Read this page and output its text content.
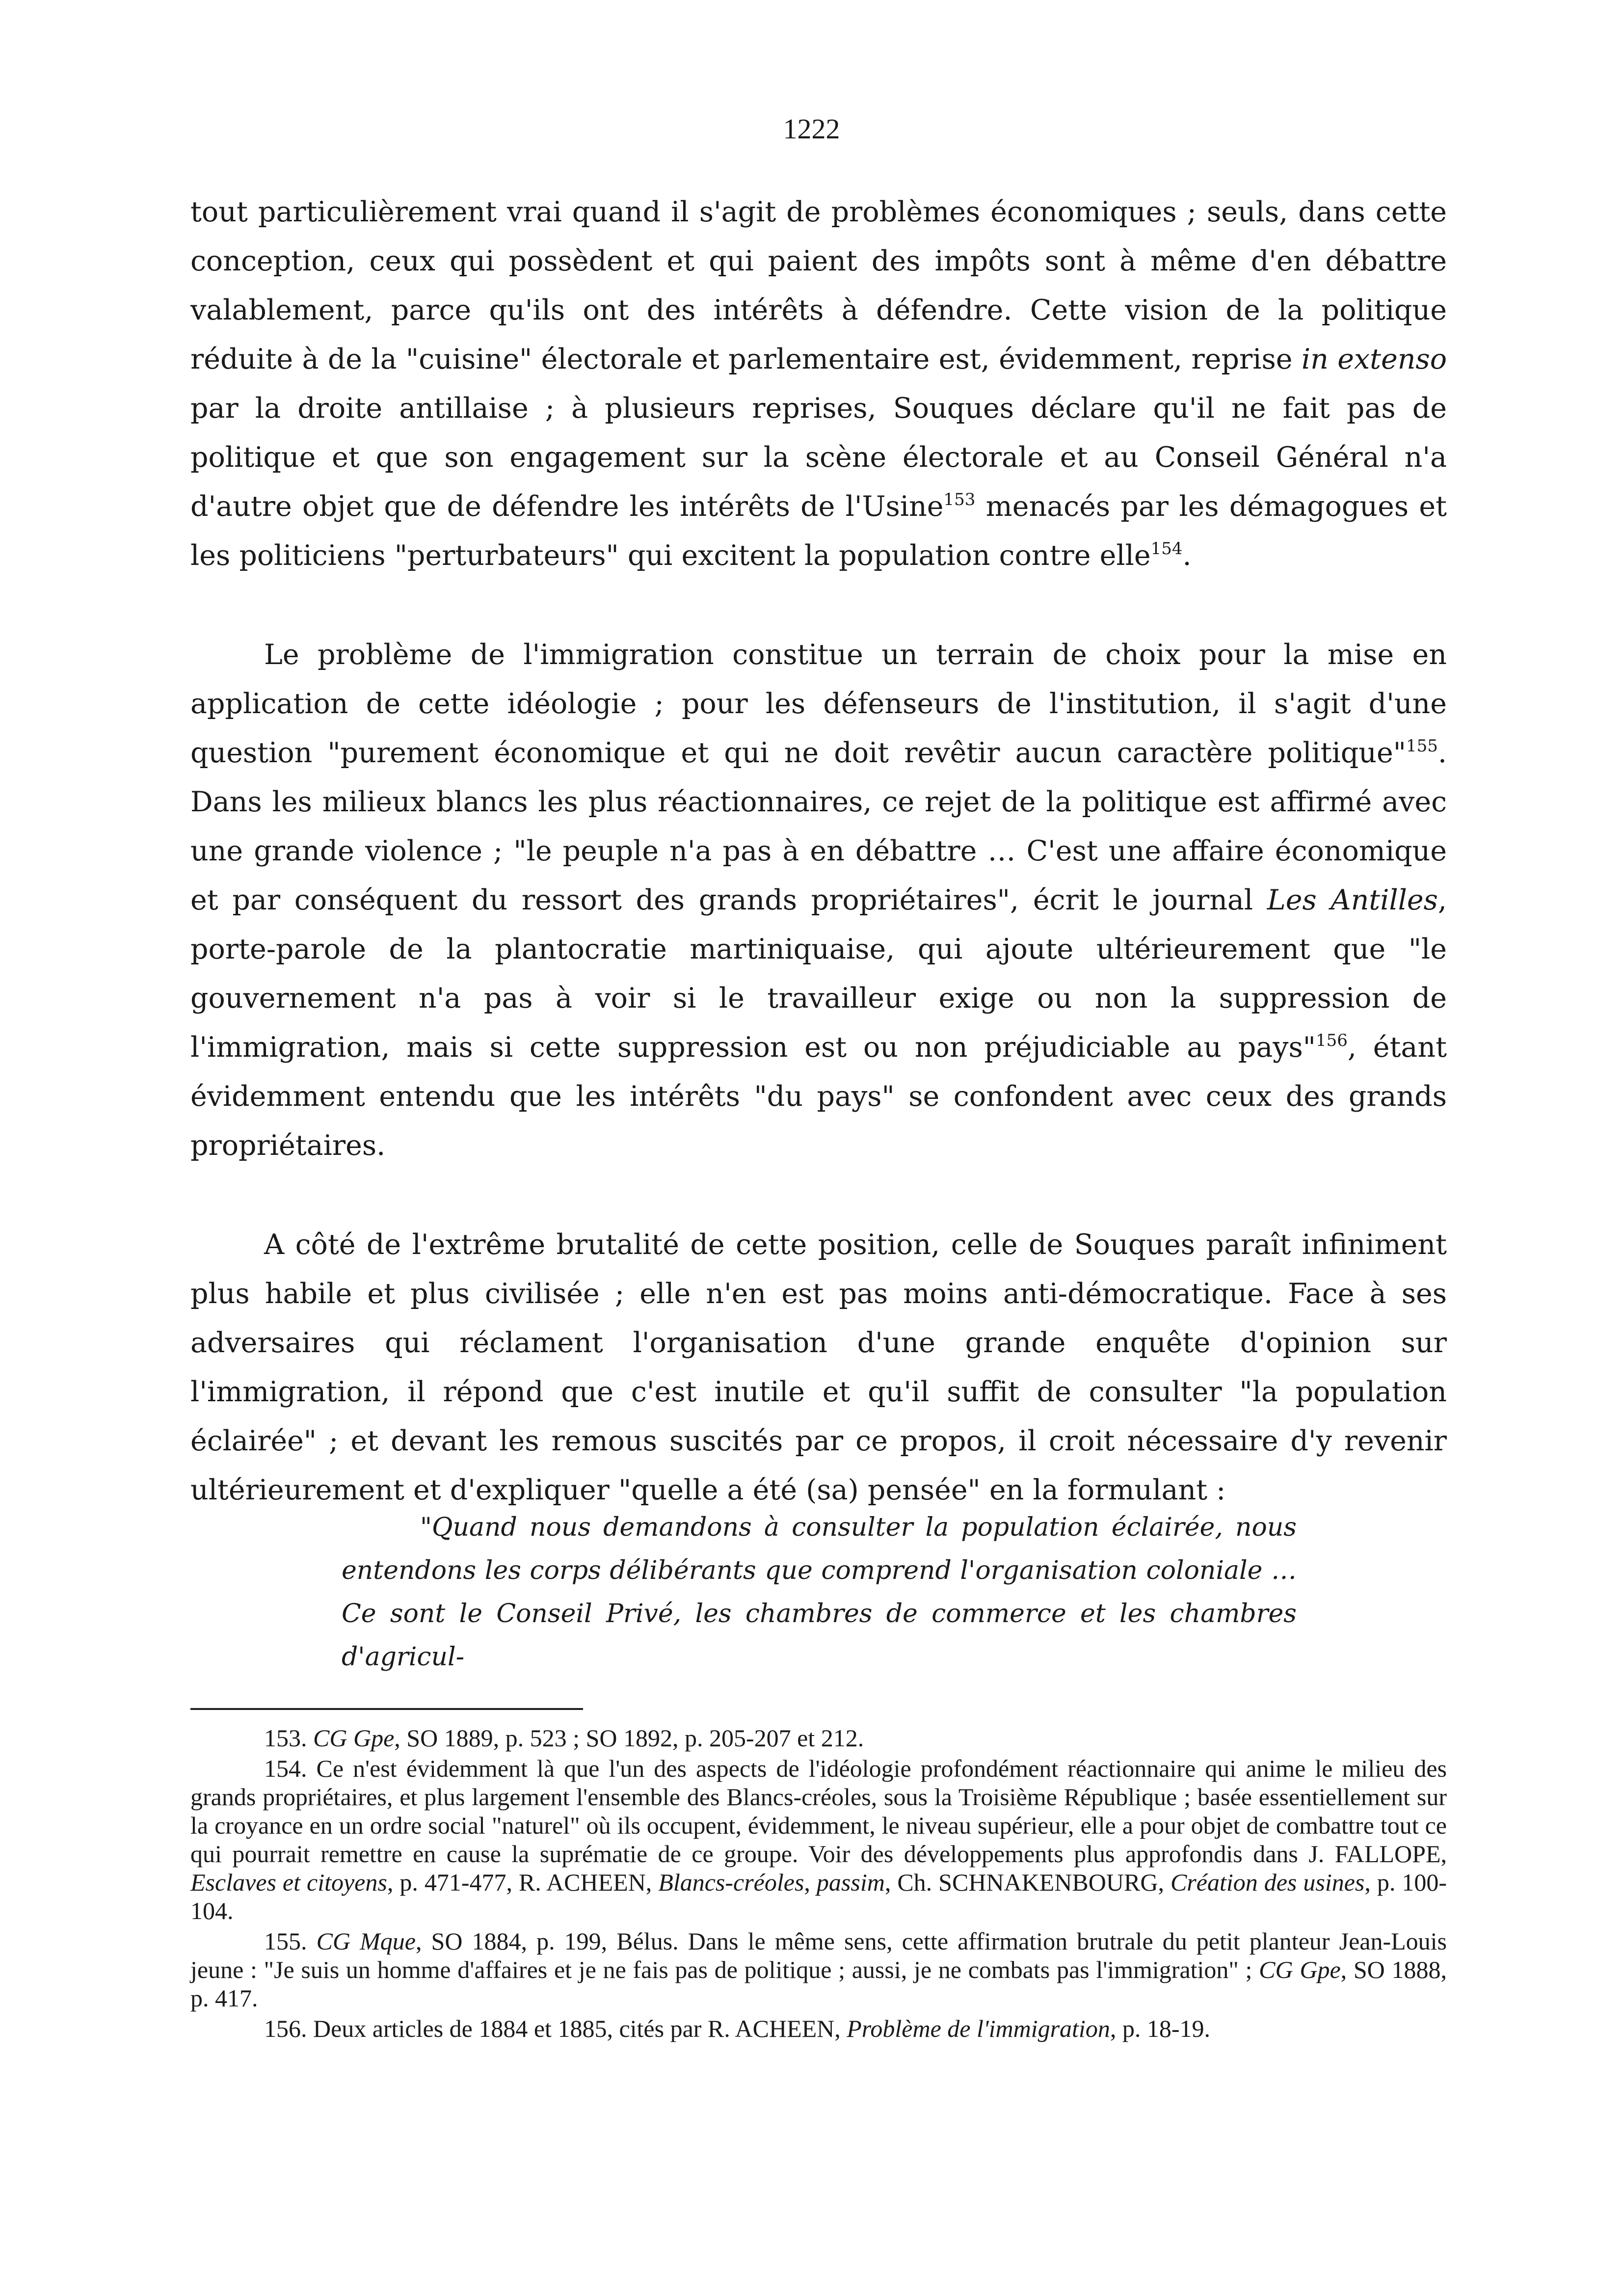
1222

tout particulièrement vrai quand il s'agit de problèmes économiques ; seuls, dans cette conception, ceux qui possèdent et qui paient des impôts sont à même d'en débattre valablement, parce qu'ils ont des intérêts à défendre. Cette vision de la politique réduite à de la "cuisine" électorale et parlementaire est, évidemment, reprise in extenso par la droite antillaise ; à plusieurs reprises, Souques déclare qu'il ne fait pas de politique et que son engagement sur la scène électorale et au Conseil Général n'a d'autre objet que de défendre les intérêts de l'Usine$^{153}$ menacés par les démagogues et les politiciens "perturbateurs" qui excitent la population contre elle$^{154}$.

Le problème de l'immigration constitue un terrain de choix pour la mise en application de cette idéologie ; pour les défenseurs de l'institution, il s'agit d'une question "purement économique et qui ne doit revêtir aucun caractère politique"$^{155}$. Dans les milieux blancs les plus réactionnaires, ce rejet de la politique est affirmé avec une grande violence ; "le peuple n'a pas à en débattre … C'est une affaire économique et par conséquent du ressort des grands propriétaires", écrit le journal Les Antilles, porte-parole de la plantocratie martiniquaise, qui ajoute ultérieurement que "le gouvernement n'a pas à voir si le travailleur exige ou non la suppression de l'immigration, mais si cette suppression est ou non préjudiciable au pays"$^{156}$, étant évidemment entendu que les intérêts "du pays" se confondent avec ceux des grands propriétaires.

A côté de l'extrême brutalité de cette position, celle de Souques paraît infiniment plus habile et plus civilisée ; elle n'en est pas moins anti-démocratique. Face à ses adversaires qui réclament l'organisation d'une grande enquête d'opinion sur l'immigration, il répond que c'est inutile et qu'il suffit de consulter "la population éclairée" ; et devant les remous suscités par ce propos, il croit nécessaire d'y revenir ultérieurement et d'expliquer "quelle a été (sa) pensée" en la formulant :

"Quand nous demandons à consulter la population éclairée, nous entendons les corps délibérants que comprend l'organisation coloniale … Ce sont le Conseil Privé, les chambres de commerce et les chambres d'agricul-

153. CG Gpe, SO 1889, p. 523 ; SO 1892, p. 205-207 et 212.

154. Ce n'est évidemment là que l'un des aspects de l'idéologie profondément réactionnaire qui anime le milieu des grands propriétaires, et plus largement l'ensemble des Blancs-créoles, sous la Troisième République ; basée essentiellement sur la croyance en un ordre social "naturel" où ils occupent, évidemment, le niveau supérieur, elle a pour objet de combattre tout ce qui pourrait remettre en cause la suprématie de ce groupe. Voir des développements plus approfondis dans J. FALLOPE, Esclaves et citoyens, p. 471-477, R. ACHEEN, Blancs-créoles, passim, Ch. SCHNAKENBOURG, Création des usines, p. 100-104.

155. CG Mque, SO 1884, p. 199, Bélus. Dans le même sens, cette affirmation brutrale du petit planteur Jean-Louis jeune : "Je suis un homme d'affaires et je ne fais pas de politique ; aussi, je ne combats pas l'immigration" ; CG Gpe, SO 1888, p. 417.

156. Deux articles de 1884 et 1885, cités par R. ACHEEN, Problème de l'immigration, p. 18-19.
